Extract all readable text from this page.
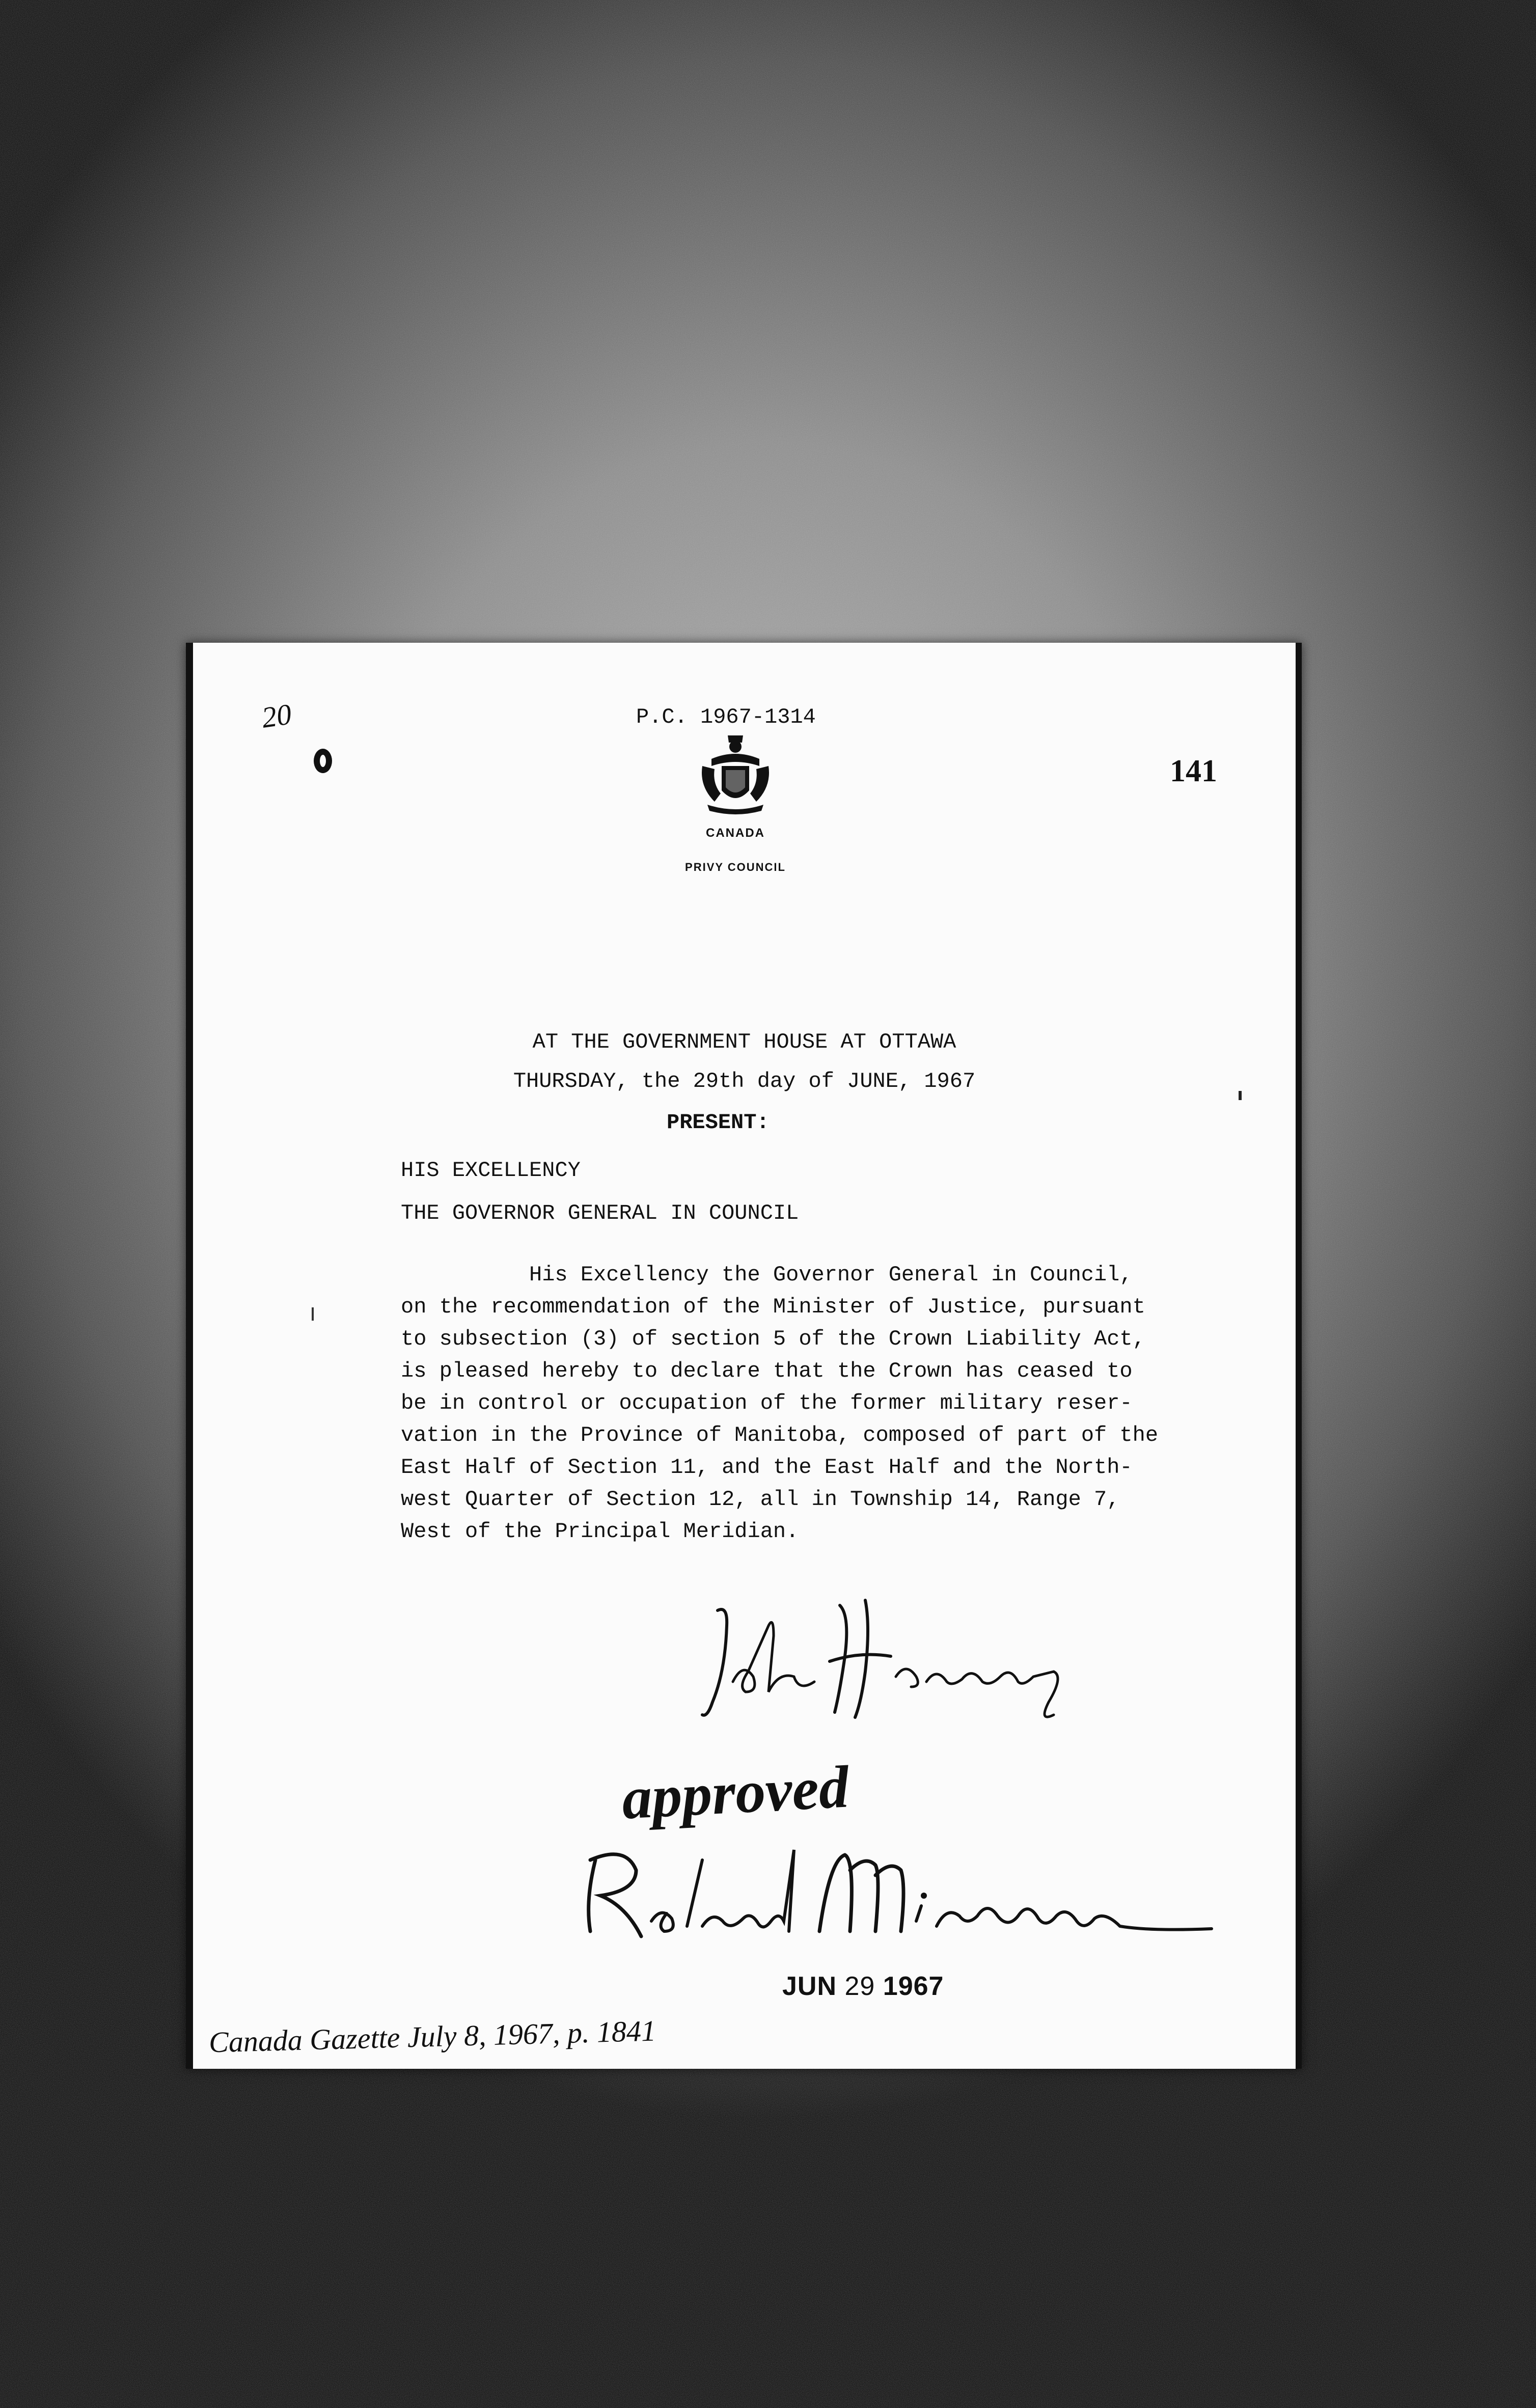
20	P.C. 1967-1314
141
CANADA
PRIVY COUNCIL
AT THE GOVERNMENT HOUSE AT OTTAWA
THURSDAY, the 29th day of JUNE, 1967
PRESENT:
HIS EXCELLENCY
THE GOVERNOR GENERAL IN COUNCIL
His Excellency the Governor General in Council,
on the recommendation of the Minister of Justice, pursuant
to subsection (3) of section 5 of the Crown Liability Act,
is pleased hereby to declare that the Crown has ceased to
be in control or occupation of the former military reser-
vation in the Province of Manitoba, composed of part of the
East Half of Section 11, and the East Half and the North-
west Quarter of Section 12, all in Township 14, Range 7,
West of the Principal Meridian.
approved
JUN 29 1967
Canada Gazette July 8, 1967, p. 1841
